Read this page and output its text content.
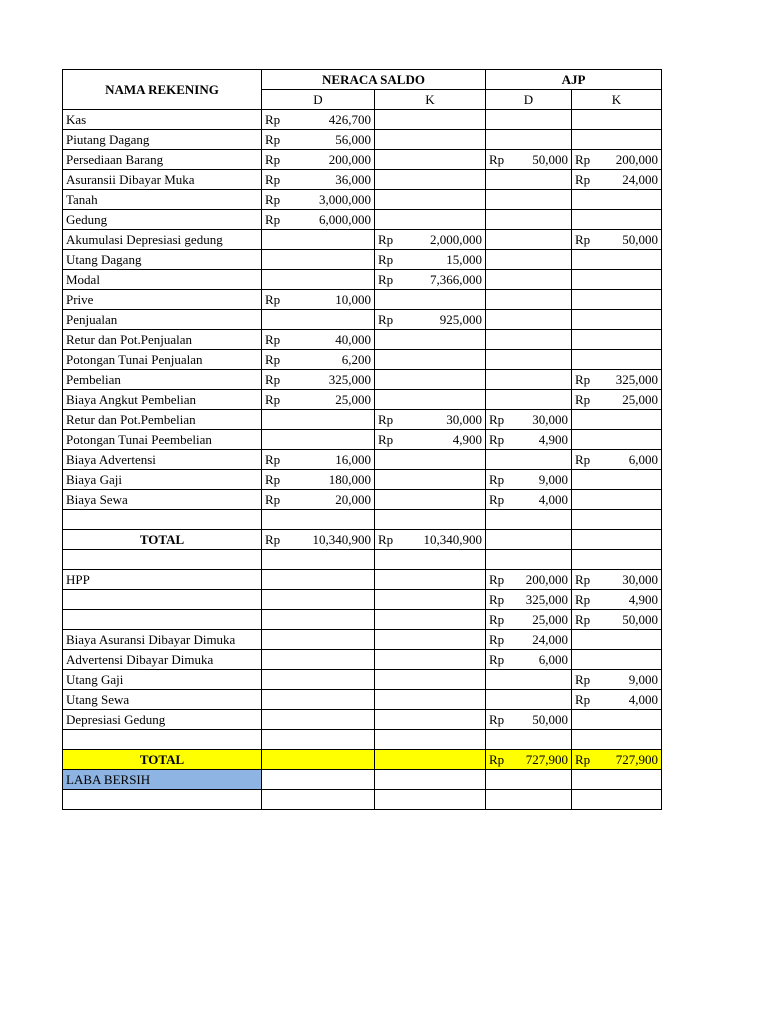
NAMA REKENING	NERACA SALDO		AJP	
	D	K	D	K
Kas	Rp 426,700			

Piutang Dagang	Rp 56,000			

Persediaan Barang	Rp 200,000		Rp 50,000	Rp 200,000

Asuransii Dibayar Muka	Rp 36,000			Rp 24,000

Tanah	Rp 3,000,000			

Gedung	Rp 6,000,000			

Akumulasi Depresiasi gedung		Rp 2,000,000		Rp 50,000

Utang Dagang		Rp 15,000		

Modal		Rp 7,366,000		

Prive	Rp 10,000			

Penjualan		Rp 925,000		

Retur dan Pot.Penjualan	Rp 40,000			

Potongan Tunai Penjualan	Rp 6,200			

Pembelian	Rp 325,000			Rp 325,000

Biaya Angkut Pembelian	Rp 25,000			Rp 25,000

Retur dan Pot.Pembelian		Rp 30,000	Rp 30,000	

Potongan Tunai Peembelian		Rp 4,900	Rp 4,900	

Biaya Advertensi	Rp 16,000			Rp 6,000

Biaya Gaji	Rp 180,000		Rp 9,000	

Biaya Sewa	Rp 20,000		Rp 4,000	

TOTAL	Rp 10,340,900	Rp 10,340,900		

HPP			Rp 200,000	Rp 30,000

			Rp 325,000	Rp 4,900

			Rp 25,000	Rp 50,000

Biaya Asuransi Dibayar Dimuka			Rp 24,000	

Advertensi Dibayar Dimuka			Rp 6,000	

Utang Gaji				Rp 9,000

Utang Sewa				Rp 4,000

Depresiasi Gedung			Rp 50,000	

TOTAL			Rp 727,900	Rp 727,900

LABA BERSIH				
